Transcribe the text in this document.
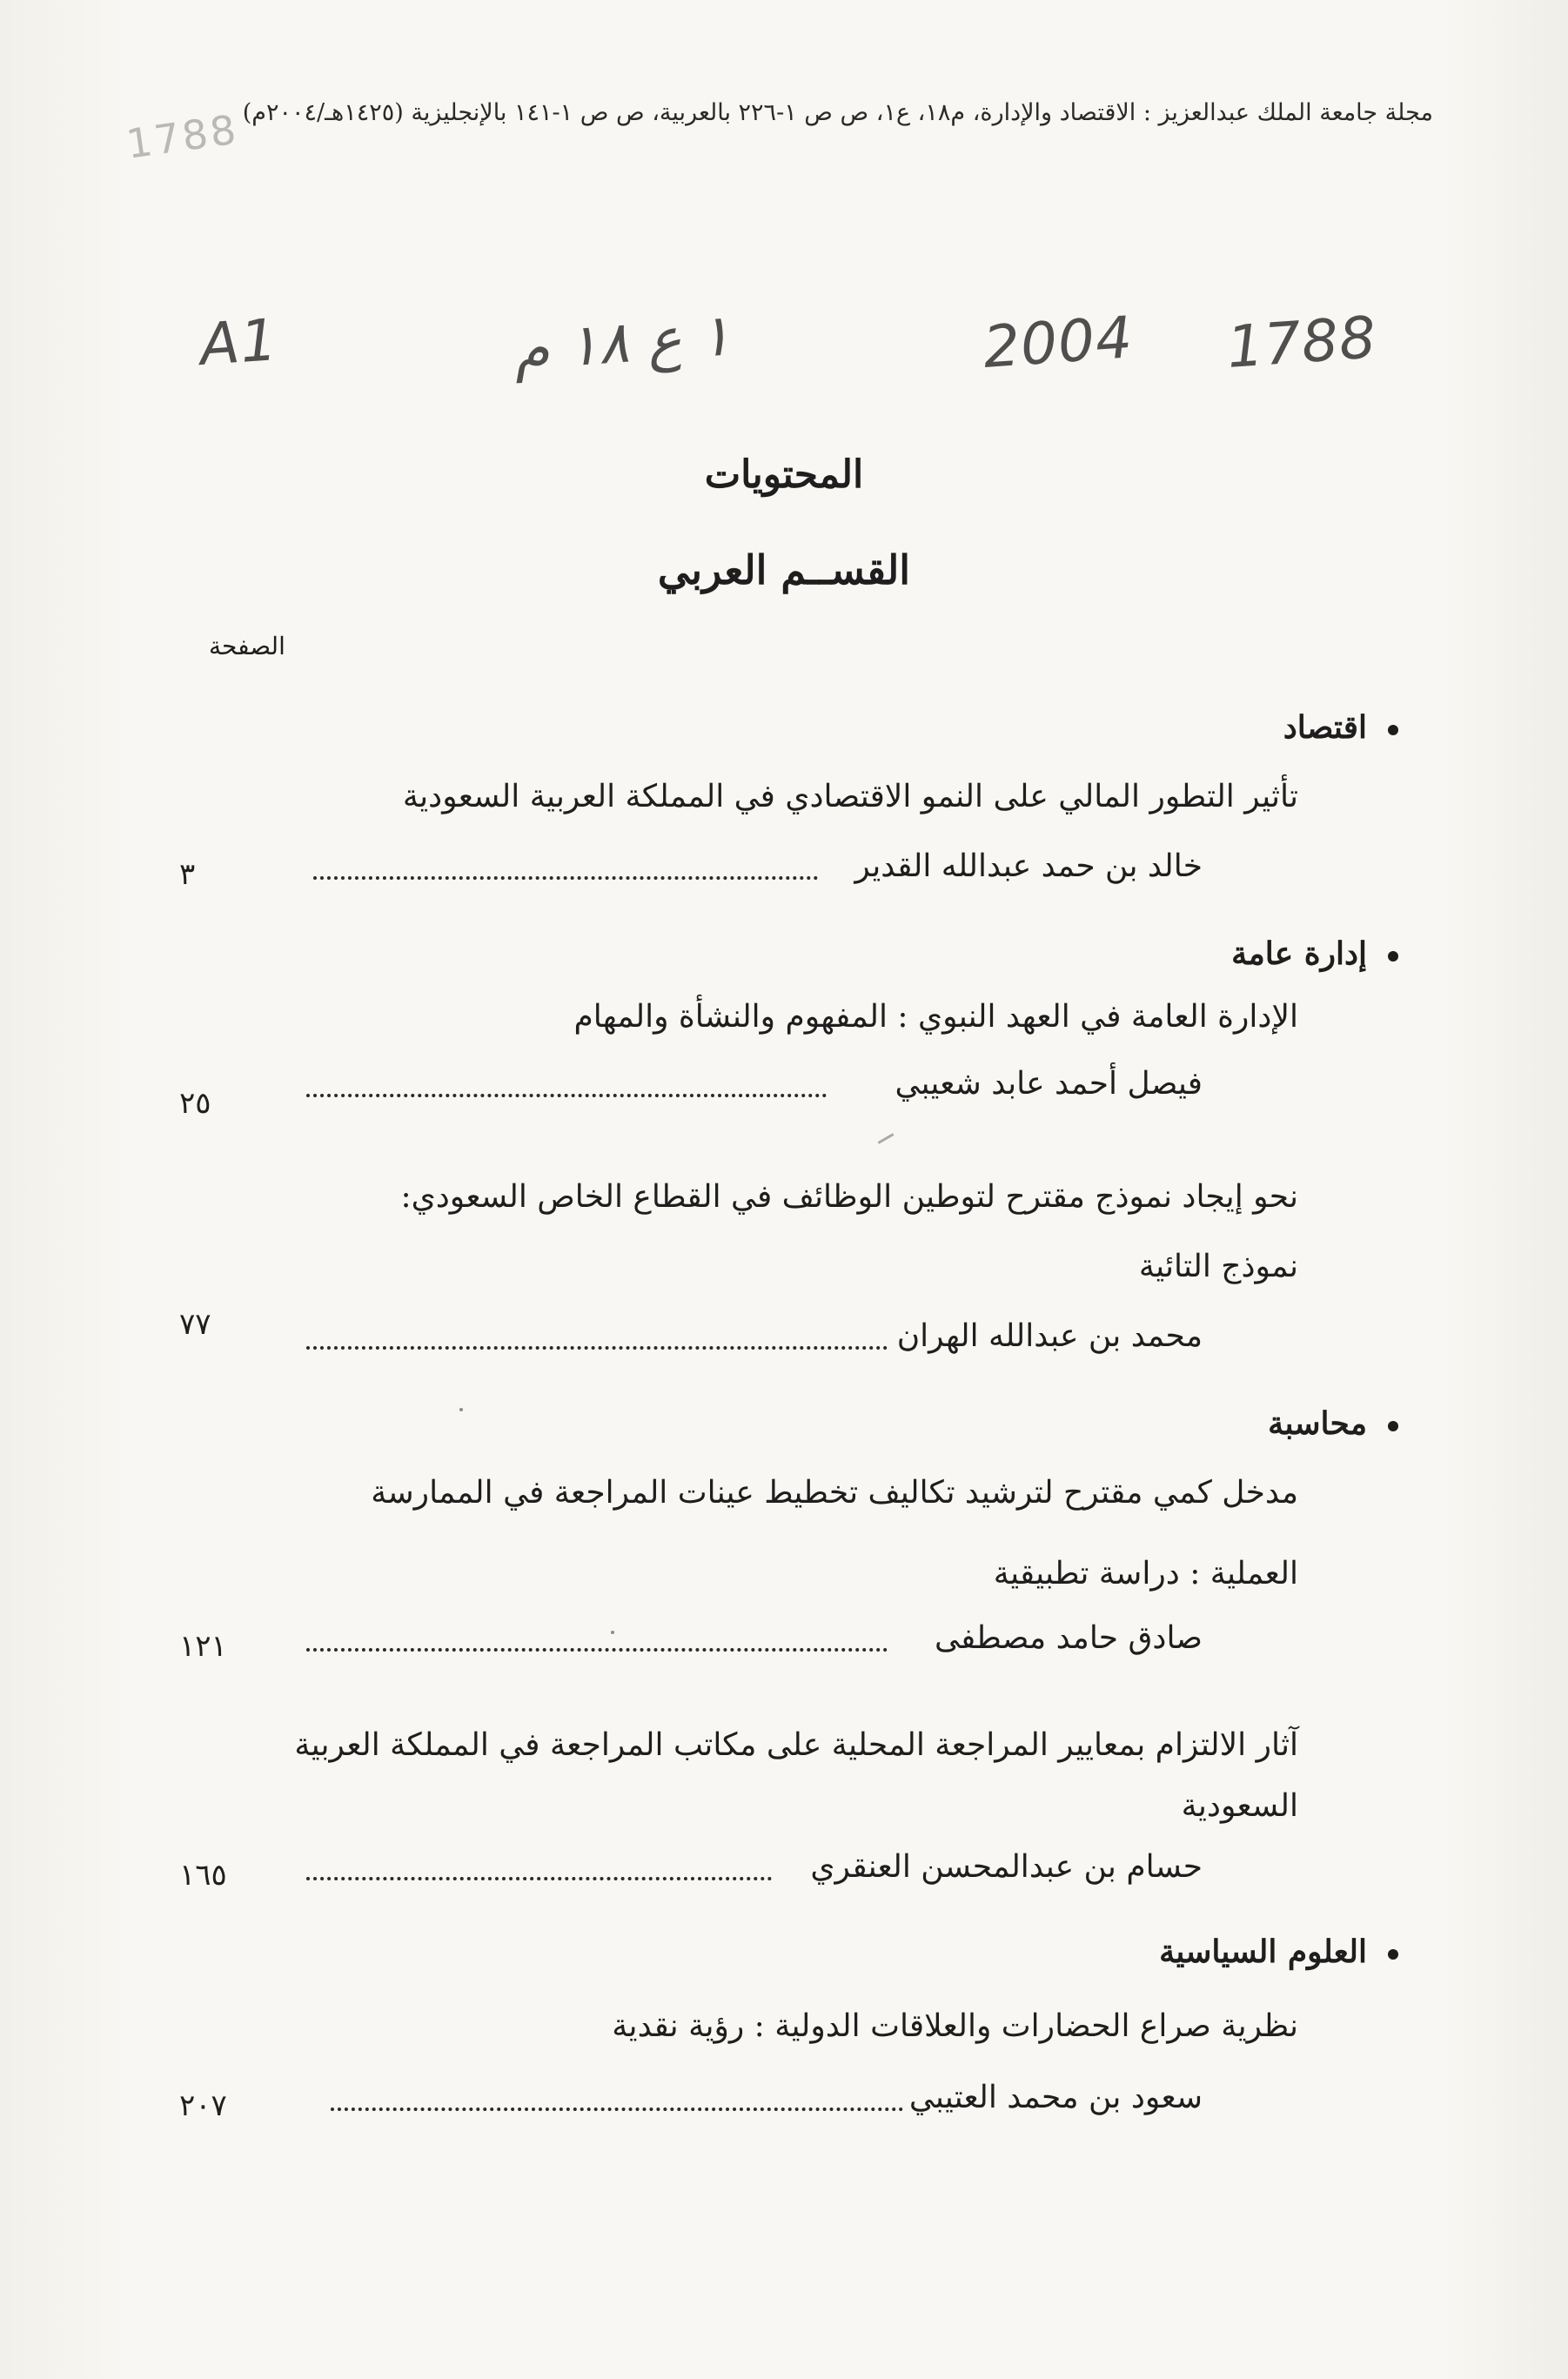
مجلة جامعة الملك عبدالعزيز : الاقتصاد والإدارة، م١٨، ع١، ص ص ١-٢٢٦ بالعربية، ص ص ١-١٤١ بالإنجليزية (١٤٢٥هـ/٢٠٠٤م)
1788
A1	١ ع ١٨ م	2004 1788
المحتويات
القســم العربي
الصفحة
اقتصاد
تأثير التطور المالي على النمو الاقتصادي في المملكة العربية السعودية
خالد بن حمد عبدالله القدير
٣
إدارة عامة
الإدارة العامة في العهد النبوي : المفهوم والنشأة والمهام
فيصل أحمد عابد شعيبي
٢٥
نحو إيجاد نموذج مقترح لتوطين الوظائف في القطاع الخاص السعودي:
نموذج التائية
محمد بن عبدالله الهران
٧٧
محاسبة
مدخل كمي مقترح لترشيد تكاليف تخطيط عينات المراجعة في الممارسة
العملية : دراسة تطبيقية
صادق حامد مصطفى
١٢١
آثار الالتزام بمعايير المراجعة المحلية على مكاتب المراجعة في المملكة العربية
السعودية
حسام بن عبدالمحسن العنقري
١٦٥
العلوم السياسية
نظرية صراع الحضارات والعلاقات الدولية : رؤية نقدية
سعود بن محمد العتيبي
٢٠٧
